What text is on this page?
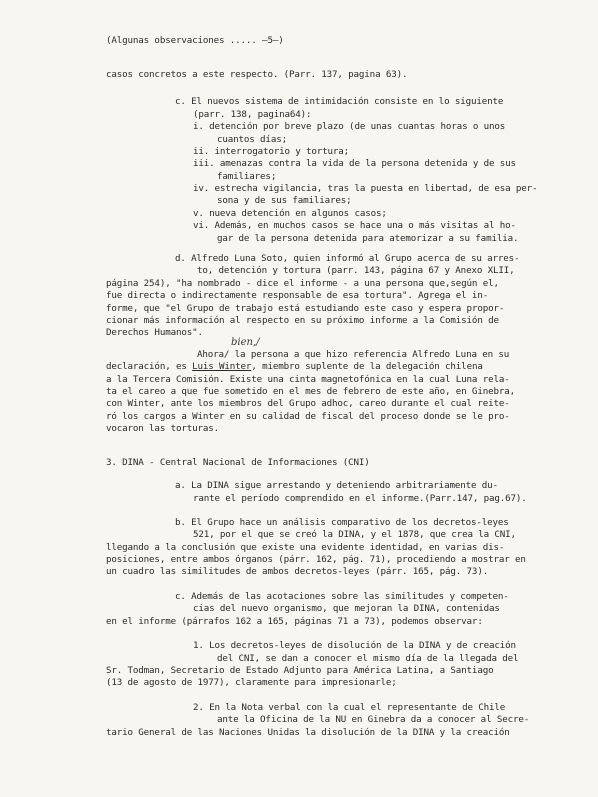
(Algunas observaciones ..... —5—)

casos concretos a este respecto. (Parr. 137, pagina 63).

c. El nuevos sistema de intimidación consiste en lo siguiente

(parr. 138, pagina64):

i. detención por breve plazo (de unas cuantas horas o unos

cuantos días;

ii. interrogatorio y tortura;

iii. amenazas contra la vida de la persona detenida y de sus

familiares;

iv. estrecha vigilancia, tras la puesta en libertad, de esa per-

sona y de sus familiares;

v. nueva detención en algunos casos;

vi. Además, en muchos casos se hace una o más visitas al ho-

gar de la persona detenida para atemorizar a su familia.

d. Alfredo Luna Soto, quien informó al Grupo acerca de su arres-

to, detención y tortura (parr. 143, página 67 y Anexo XLII,

página 254), "ha nombrado - dice el informe - a una persona que,según el,

fue directa o indirectamente responsable de esa tortura". Agrega el in-

forme, que "el Grupo de trabajo está estudiando este caso y espera propor-

cionar más información al respecto en su próximo informe a la Comisión de

Derechos Humanos".

bien,/

Ahora/ la persona a que hizo referencia Alfredo Luna en su

declaración, es Luis Winter, miembro suplente de la delegación chilena

a la Tercera Comisión. Existe una cinta magnetofónica en la cual Luna rela-

ta el careo a que fue sometido en el mes de febrero de este año, en Ginebra,

con Winter, ante los miembros del Grupo adhoc, careo durante el cual reite-

ró los cargos a Winter en su calidad de fiscal del proceso donde se le pro-

vocaron las torturas.

3. DINA - Central Nacional de Informaciones (CNI)

a. La DINA sigue arrestando y deteniendo arbitrariamente du-

rante el período comprendido en el informe.(Parr.147, pag.67).

b. El Grupo hace un análisis comparativo de los decretos-leyes

521, por el que se creó la DINA, y el 1878, que crea la CNI,

llegando a la conclusión que existe una evidente identidad, en varias dis-

posiciones, entre ambos órganos (párr. 162, pág. 71), procediendo a mostrar en

un cuadro las similitudes de ambos decretos-leyes (párr. 165, pág. 73).

c. Además de las acotaciones sobre las similitudes y competen-

cias del nuevo organismo, que mejoran la DINA, contenidas

en el informe (párrafos 162 a 165, páginas 71 a 73), podemos observar:

1. Los decretos-leyes de disolución de la DINA y de creación

del CNI, se dan a conocer el mismo día de la llegada del

Sr. Todman, Secretario de Estado Adjunto para América Latina, a Santiago

(13 de agosto de 1977), claramente para impresionarle;

2. En la Nota verbal con la cual el representante de Chile

ante la Oficina de la NU en Ginebra da a conocer al Secre-

tario General de las Naciones Unidas la disolución de la DINA y la creación
